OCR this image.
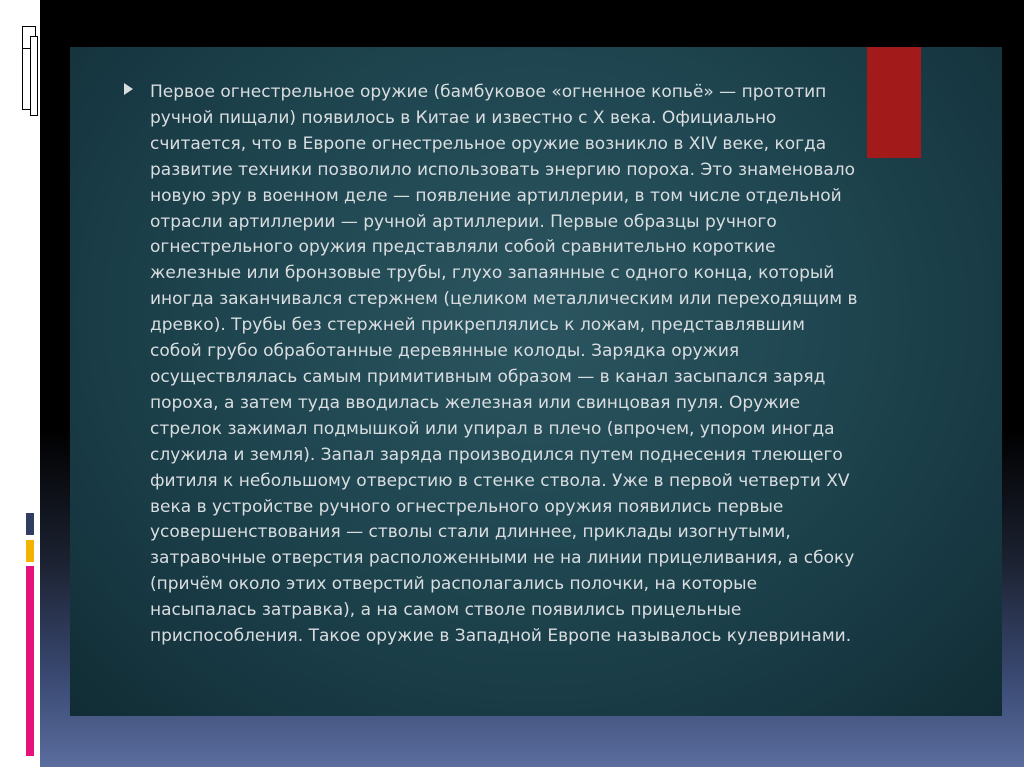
Первое огнестрельное оружие (бамбуковое «огненное копьё» — прототип
ручной пищали) появилось в Китае и известно с X века. Официально
считается, что в Европе огнестрельное оружие возникло в XIV веке, когда
развитие техники позволило использовать энергию пороха. Это знаменовало
новую эру в военном деле — появление артиллерии, в том числе отдельной
отрасли артиллерии — ручной артиллерии. Первые образцы ручного
огнестрельного оружия представляли собой сравнительно короткие
железные или бронзовые трубы, глухо запаянные с одного конца, который
иногда заканчивался стержнем (целиком металлическим или переходящим в
древко). Трубы без стержней прикреплялись к ложам, представлявшим
собой грубо обработанные деревянные колоды. Зарядка оружия
осуществлялась самым примитивным образом — в канал засыпался заряд
пороха, а затем туда вводилась железная или свинцовая пуля. Оружие
стрелок зажимал подмышкой или упирал в плечо (впрочем, упором иногда
служила и земля). Запал заряда производился путем поднесения тлеющего
фитиля к небольшому отверстию в стенке ствола. Уже в первой четверти XV
века в устройстве ручного огнестрельного оружия появились первые
усовершенствования — стволы стали длиннее, приклады изогнутыми,
затравочные отверстия расположенными не на линии прицеливания, а сбоку
(причём около этих отверстий располагались полочки, на которые
насыпалась затравка), а на самом стволе появились прицельные
приспособления. Такое оружие в Западной Европе называлось кулевринами.
